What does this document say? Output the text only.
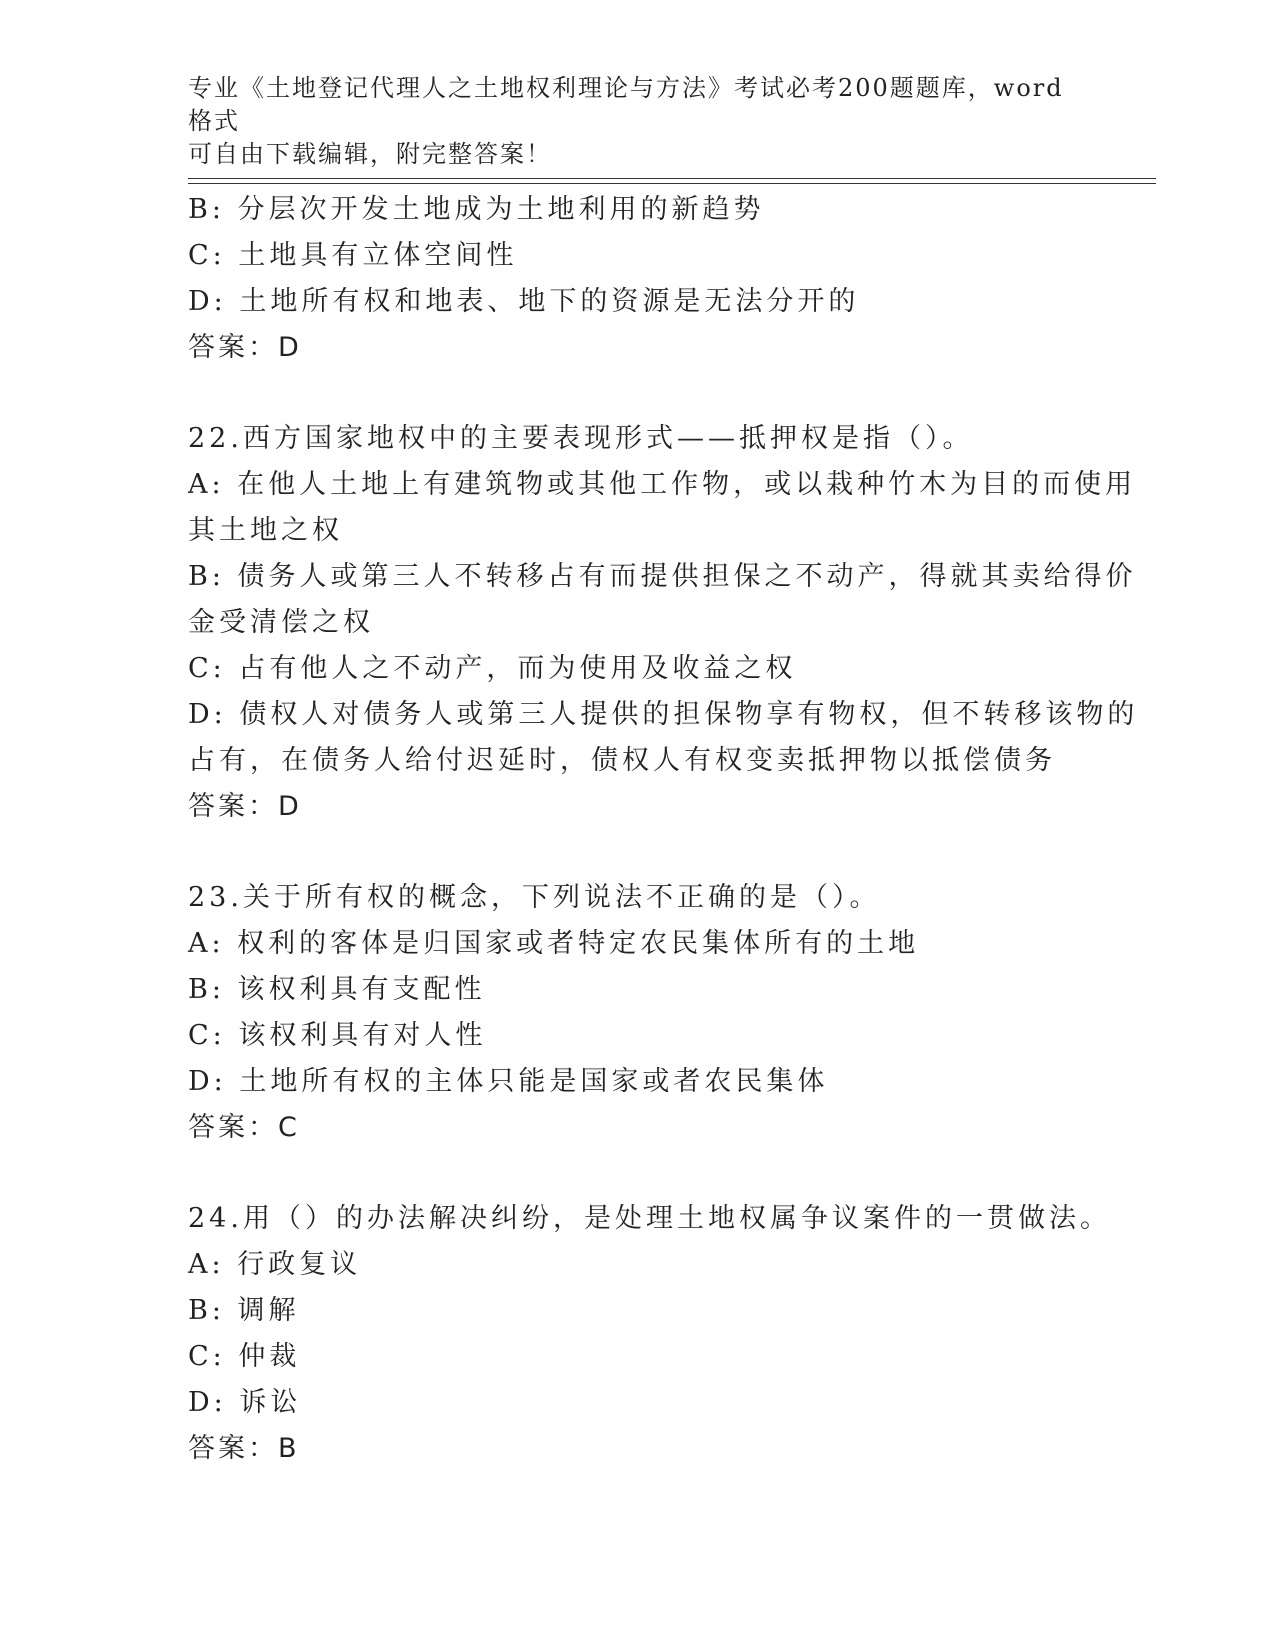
专业《土地登记代理人之土地权利理论与方法》考试必考200题题库，word格式
可自由下载编辑，附完整答案！
B: 分层次开发土地成为土地利用的新趋势
C: 土地具有立体空间性
D: 土地所有权和地表、地下的资源是无法分开的
答案：D
22.西方国家地权中的主要表现形式——抵押权是指（）。
A: 在他人土地上有建筑物或其他工作物，或以栽种竹木为目的而使用
其土地之权
B: 债务人或第三人不转移占有而提供担保之不动产，得就其卖给得价
金受清偿之权
C: 占有他人之不动产，而为使用及收益之权
D: 债权人对债务人或第三人提供的担保物享有物权，但不转移该物的
占有，在债务人给付迟延时，债权人有权变卖抵押物以抵偿债务
答案：D
23.关于所有权的概念，下列说法不正确的是（）。
A: 权利的客体是归国家或者特定农民集体所有的土地
B: 该权利具有支配性
C: 该权利具有对人性
D: 土地所有权的主体只能是国家或者农民集体
答案：C
24.用（）的办法解决纠纷，是处理土地权属争议案件的一贯做法。
A: 行政复议
B: 调解
C: 仲裁
D: 诉讼
答案：B
